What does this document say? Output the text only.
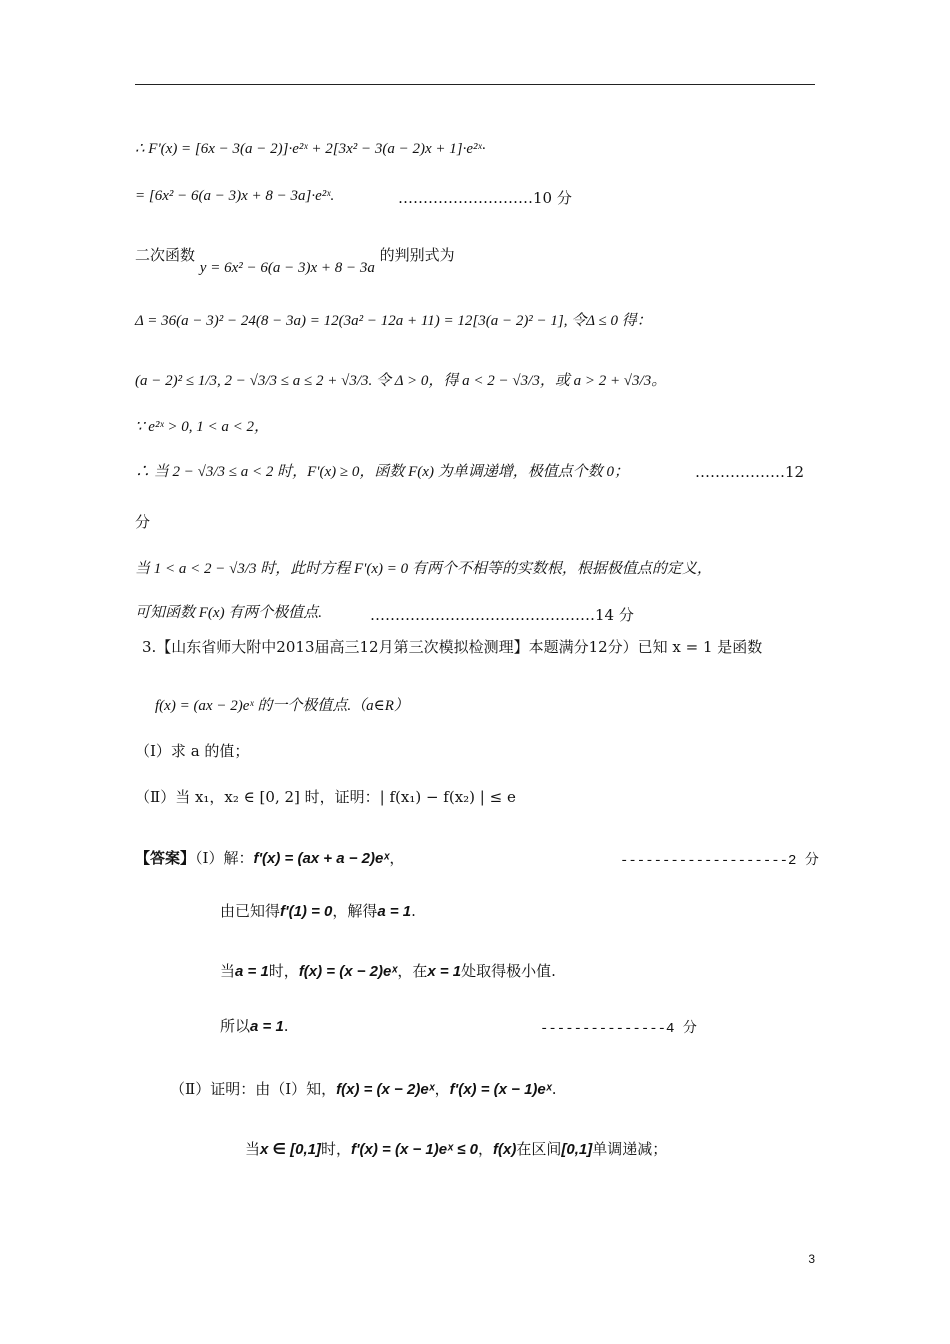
∴ F'(x) = [6x − 3(a − 2)]·e²ˣ + 2[3x² − 3(a − 2)x + 1]·e²ˣ·
= [6x² − 6(a − 3)x + 8 − 3a]·e²ˣ.	………………………10 分
二次函数 y = 6x² − 6(a − 3)x + 8 − 3a 的判别式为
Δ = 36(a − 3)² − 24(8 − 3a) = 12(3a² − 12a + 11) = 12[3(a − 2)² − 1], 令Δ ≤ 0 得：
(a − 2)² ≤ 1/3, 2 − √3/3 ≤ a ≤ 2 + √3/3. 令 Δ > 0，得 a < 2 − √3/3，或 a > 2 + √3/3。
∵ e²ˣ > 0, 1 < a < 2，
∴ 当 2 − √3/3 ≤ a < 2 时，F'(x) ≥ 0，函数 F(x) 为单调递增，极值点个数 0；	………………12
分
当 1 < a < 2 − √3/3 时，此时方程 F'(x) = 0 有两个不相等的实数根，根据极值点的定义，
可知函数 F(x) 有两个极值点.	………………………………………14 分
3.【山东省师大附中2013届高三12月第三次模拟检测理】本题满分12分）已知 x = 1 是函数
f(x) = (ax − 2)eˣ 的一个极值点.（a∈R）
（Ⅰ）求 a 的值；
（Ⅱ）当 x₁，x₂ ∈ [0, 2] 时，证明：| f(x₁) − f(x₂) | ≤ e
【答案】（Ⅰ）解：f'(x) = (ax + a − 2)eˣ，	--------------------2 分
由已知得f'(1) = 0，解得a = 1.
当a = 1时，f(x) = (x − 2)eˣ，在x = 1处取得极小值.
所以a = 1.	---------------4 分
（Ⅱ）证明：由（Ⅰ）知，f(x) = (x − 2)eˣ，f'(x) = (x − 1)eˣ.
当x ∈ [0,1]时，f'(x) = (x − 1)eˣ ≤ 0，f(x)在区间[0,1]单调递减；
3
